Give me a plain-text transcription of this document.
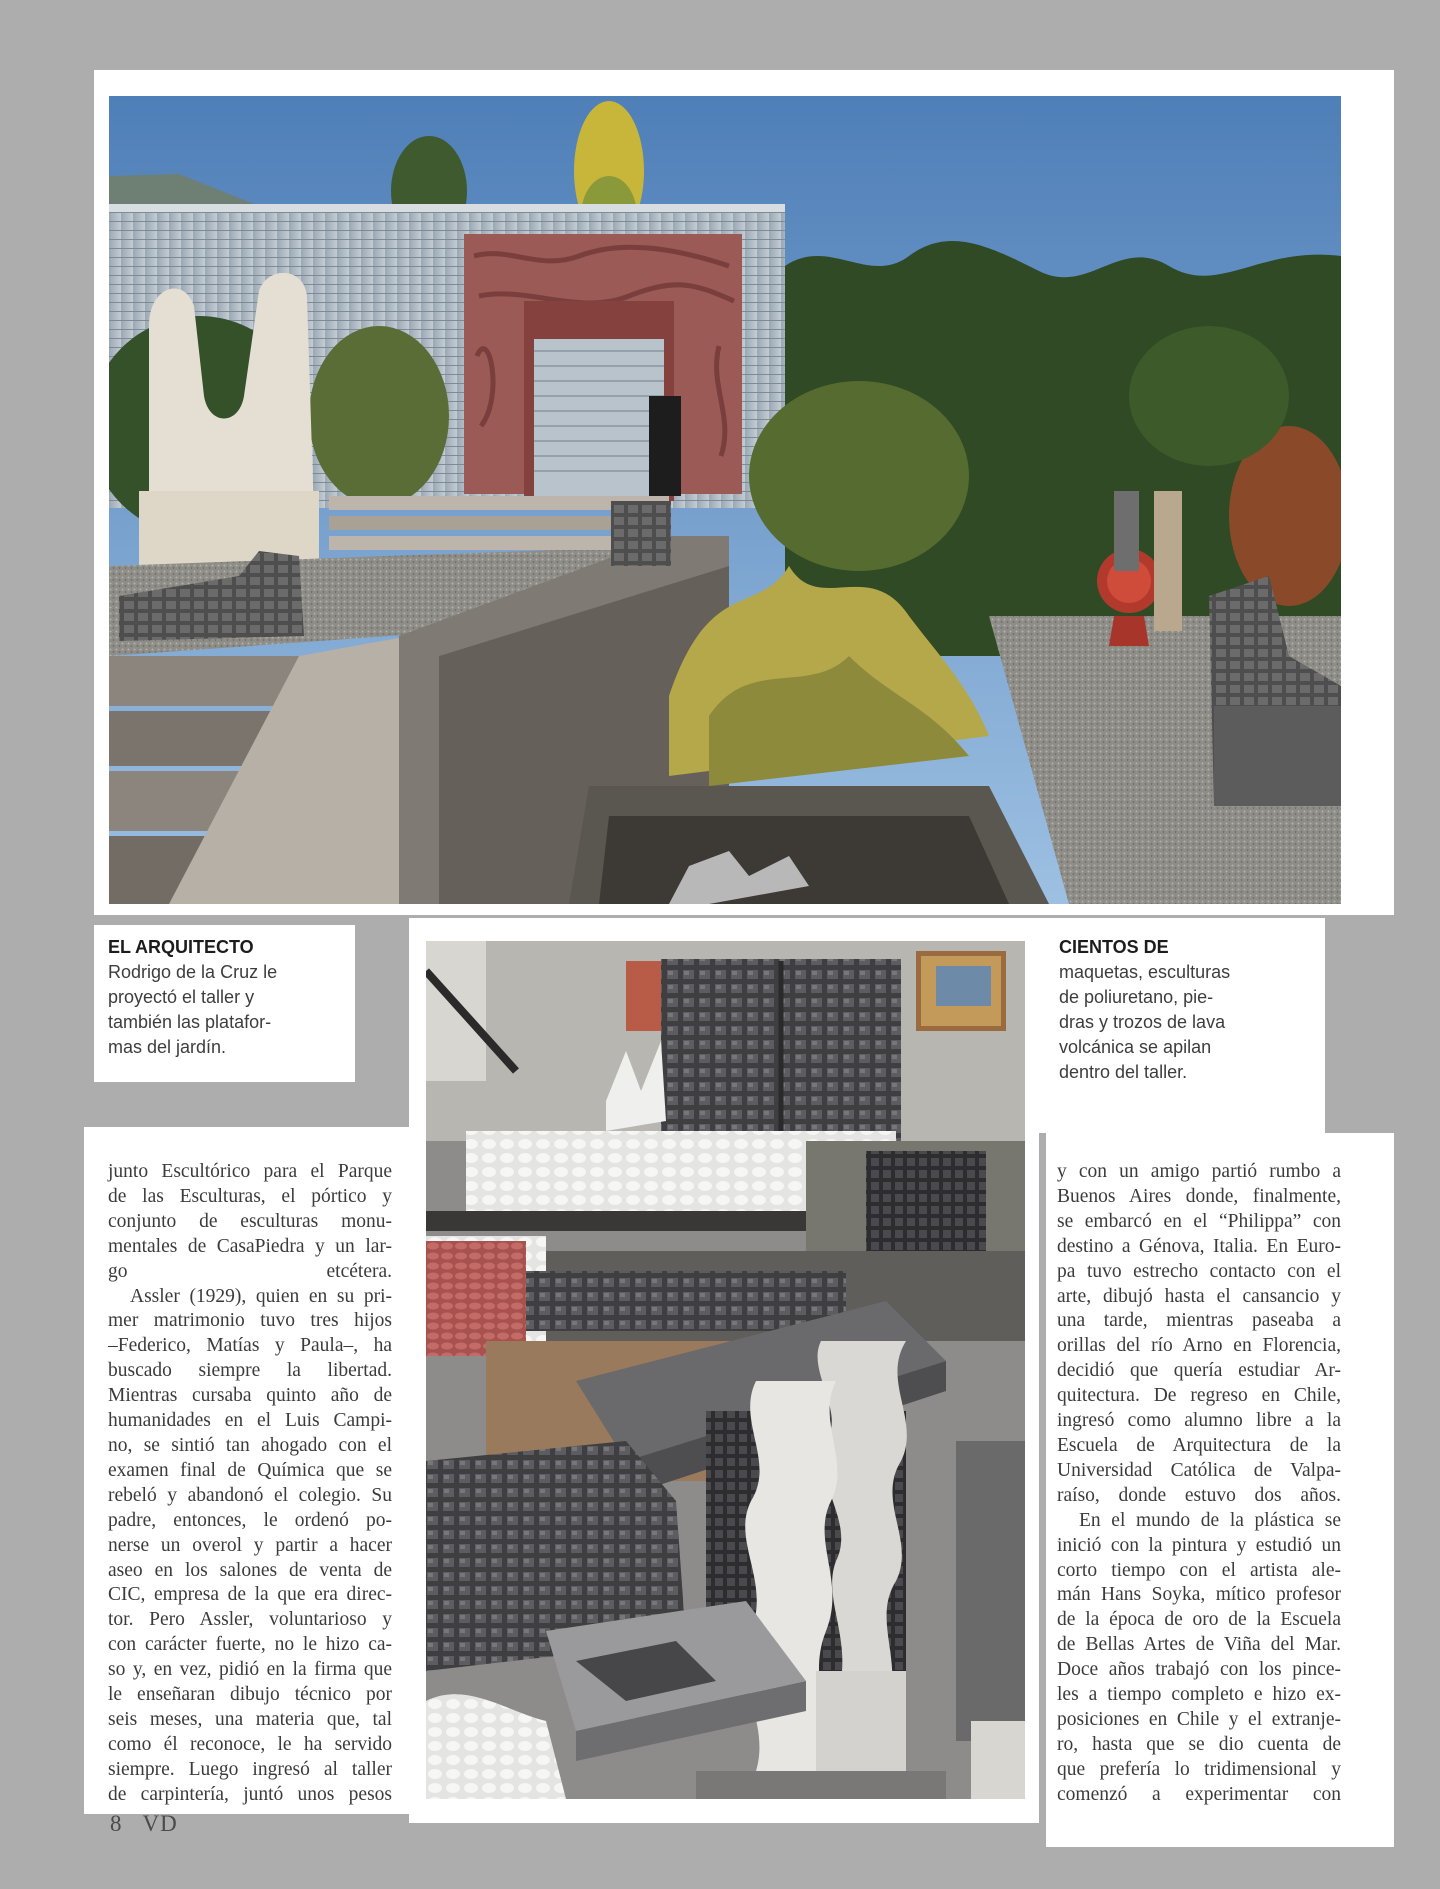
EL ARQUITECTO
Rodrigo de la Cruz le
proyectó el taller y
también las platafor-
mas del jardín.
CIENTOS DE
maquetas, esculturas
de poliuretano, pie-
dras y trozos de lava
volcánica se apilan
dentro del taller.

junto Escultórico para el Parque
de las Esculturas, el pórtico y
conjunto de esculturas monu-
mentales de CasaPiedra y un lar-
go etcétera.

Assler (1929), quien en su pri-
mer matrimonio tuvo tres hijos
–Federico, Matías y Paula–, ha
buscado siempre la libertad.
Mientras cursaba quinto año de
humanidades en el Luis Campi-
no, se sintió tan ahogado con el
examen final de Química que se
rebeló y abandonó el colegio. Su
padre, entonces, le ordenó po-
nerse un overol y partir a hacer
aseo en los salones de venta de
CIC, empresa de la que era direc-
tor. Pero Assler, voluntarioso y
con carácter fuerte, no le hizo ca-
so y, en vez, pidió en la firma que
le enseñaran dibujo técnico por
seis meses, una materia que, tal
como él reconoce, le ha servido
siempre. Luego ingresó al taller
de carpintería, juntó unos pesos

y con un amigo partió rumbo a
Buenos Aires donde, finalmente,
se embarcó en el “Philippa” con
destino a Génova, Italia. En Euro-
pa tuvo estrecho contacto con el
arte, dibujó hasta el cansancio y
una tarde, mientras paseaba a
orillas del río Arno en Florencia,
decidió que quería estudiar Ar-
quitectura. De regreso en Chile,
ingresó como alumno libre a la
Escuela de Arquitectura de la
Universidad Católica de Valpa-
raíso, donde estuvo dos años.

En el mundo de la plástica se
inició con la pintura y estudió un
corto tiempo con el artista ale-
mán Hans Soyka, mítico profesor
de la época de oro de la Escuela
de Bellas Artes de Viña del Mar.
Doce años trabajó con los pince-
les a tiempo completo e hizo ex-
posiciones en Chile y el extranje-
ro, hasta que se dio cuenta de
que prefería lo tridimensional y
comenzó a experimentar con

8 VD
